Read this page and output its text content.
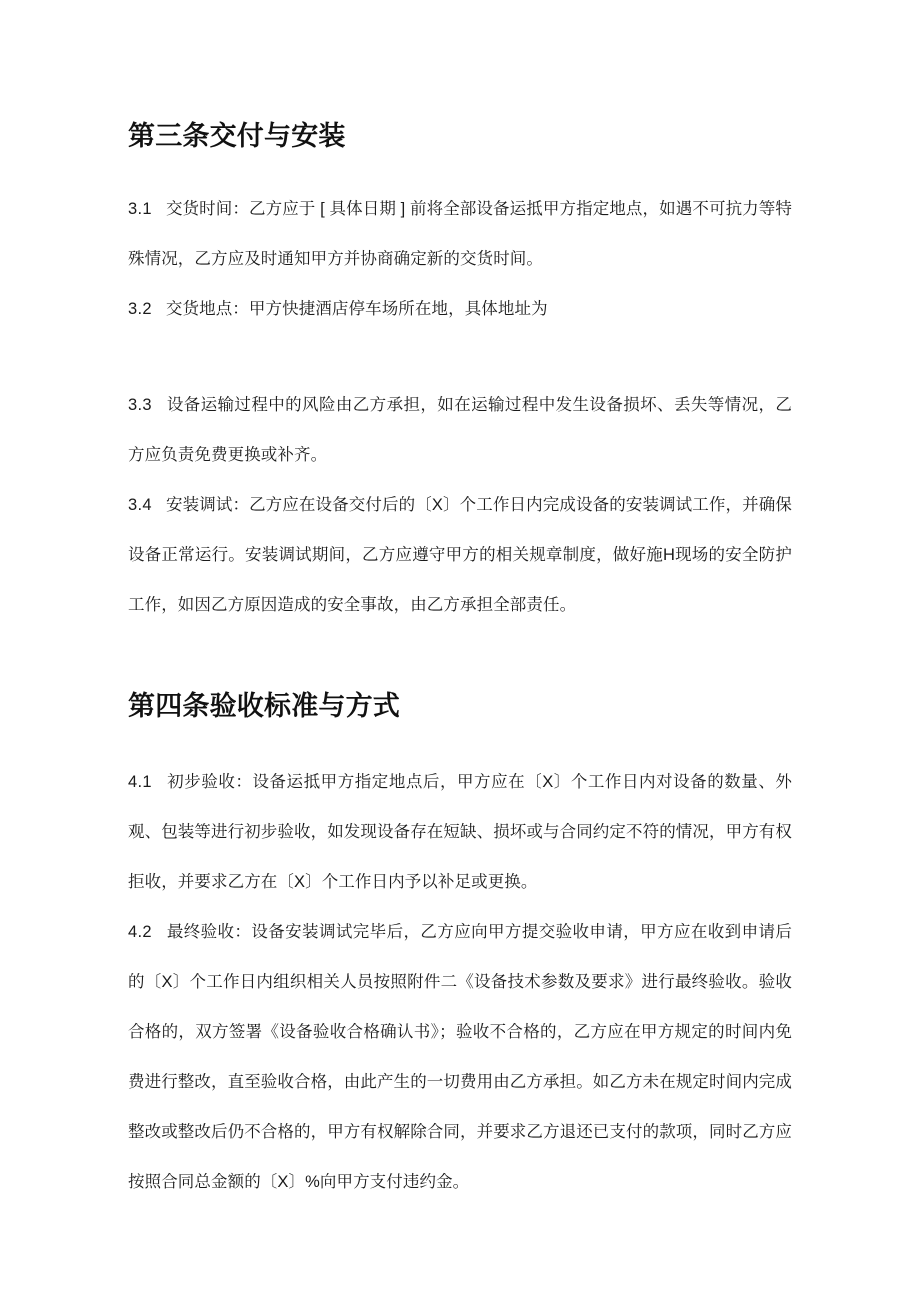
第三条交付与安装

3.1 交货时间：乙方应于 [ 具体日期 ] 前将全部设备运抵甲方指定地点，如遇不可抗力等特殊情况，乙方应及时通知甲方并协商确定新的交货时间。

3.2 交货地点：甲方快捷酒店停车场所在地，具体地址为

3.3 设备运输过程中的风险由乙方承担，如在运输过程中发生设备损坏、丢失等情况，乙方应负责免费更换或补齐。

3.4 安装调试：乙方应在设备交付后的〔X〕个工作日内完成设备的安装调试工作，并确保设备正常运行。安装调试期间，乙方应遵守甲方的相关规章制度，做好施H现场的安全防护工作，如因乙方原因造成的安全事故，由乙方承担全部责任。

第四条验收标准与方式

4.1 初步验收：设备运抵甲方指定地点后，甲方应在〔X〕个工作日内对设备的数量、外观、包装等进行初步验收，如发现设备存在短缺、损坏或与合同约定不符的情况，甲方有权拒收，并要求乙方在〔X〕个工作日内予以补足或更换。

4.2 最终验收：设备安装调试完毕后，乙方应向甲方提交验收申请，甲方应在收到申请后的〔X〕个工作日内组织相关人员按照附件二《设备技术参数及要求》进行最终验收。验收合格的，双方签署《设备验收合格确认书》；验收不合格的，乙方应在甲方规定的时间内免费进行整改，直至验收合格，由此产生的一切费用由乙方承担。如乙方未在规定时间内完成整改或整改后仍不合格的，甲方有权解除合同，并要求乙方退还已支付的款项，同时乙方应按照合同总金额的〔X〕%向甲方支付违约金。
